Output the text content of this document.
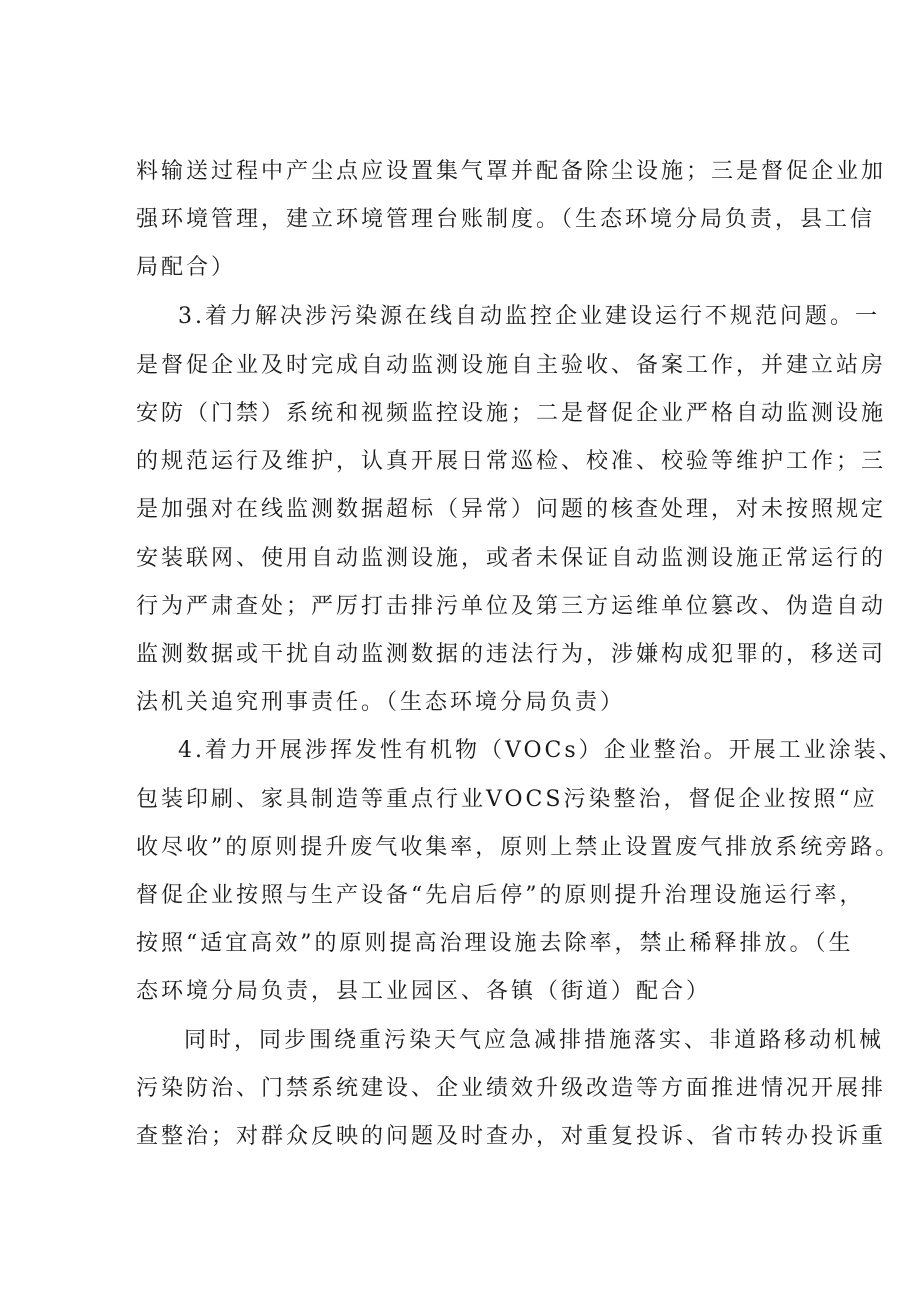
料输送过程中产尘点应设置集气罩并配备除尘设施；三是督促企业加
强环境管理，建立环境管理台账制度。（生态环境分局负责，县工信
局配合）
3.着力解决涉污染源在线自动监控企业建设运行不规范问题。一
是督促企业及时完成自动监测设施自主验收、备案工作，并建立站房
安防（门禁）系统和视频监控设施；二是督促企业严格自动监测设施
的规范运行及维护，认真开展日常巡检、校准、校验等维护工作；三
是加强对在线监测数据超标（异常）问题的核查处理，对未按照规定
安装联网、使用自动监测设施，或者未保证自动监测设施正常运行的
行为严肃查处；严厉打击排污单位及第三方运维单位篡改、伪造自动
监测数据或干扰自动监测数据的违法行为，涉嫌构成犯罪的，移送司
法机关追究刑事责任。（生态环境分局负责）
4.着力开展涉挥发性有机物（VOCs）企业整治。开展工业涂装、
包装印刷、家具制造等重点行业VOCS污染整治，督促企业按照“应
收尽收”的原则提升废气收集率，原则上禁止设置废气排放系统旁路。
督促企业按照与生产设备“先启后停”的原则提升治理设施运行率，
按照“适宜高效”的原则提高治理设施去除率，禁止稀释排放。（生
态环境分局负责，县工业园区、各镇（街道）配合）
同时，同步围绕重污染天气应急减排措施落实、非道路移动机械
污染防治、门禁系统建设、企业绩效升级改造等方面推进情况开展排
查整治；对群众反映的问题及时查办，对重复投诉、省市转办投诉重
